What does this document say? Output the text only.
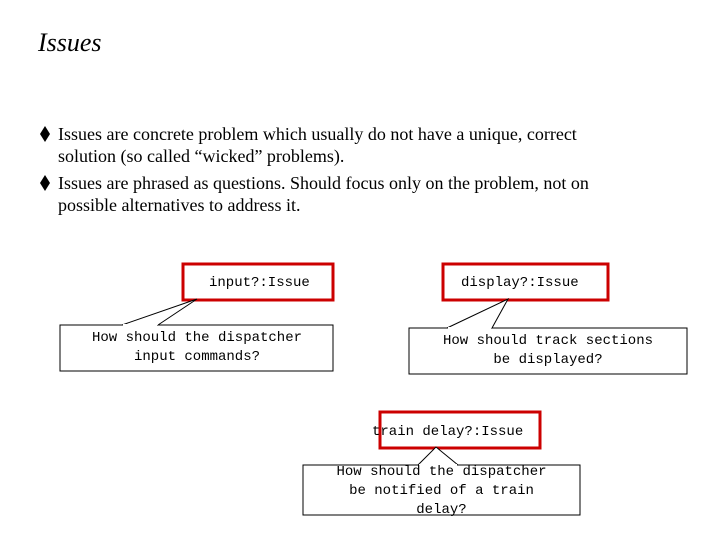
Issues
Issues are concrete problem which usually do not have a unique, correct
solution (so called “wicked” problems).
Issues are phrased as questions. Should focus only on the problem, not on
possible alternatives to address it.
input?:Issue	display?:Issue
train delay?:Issue
How should the dispatcher
input commands?
How should track sections
be displayed?
How should the dispatcher
be notified of a train
delay?
